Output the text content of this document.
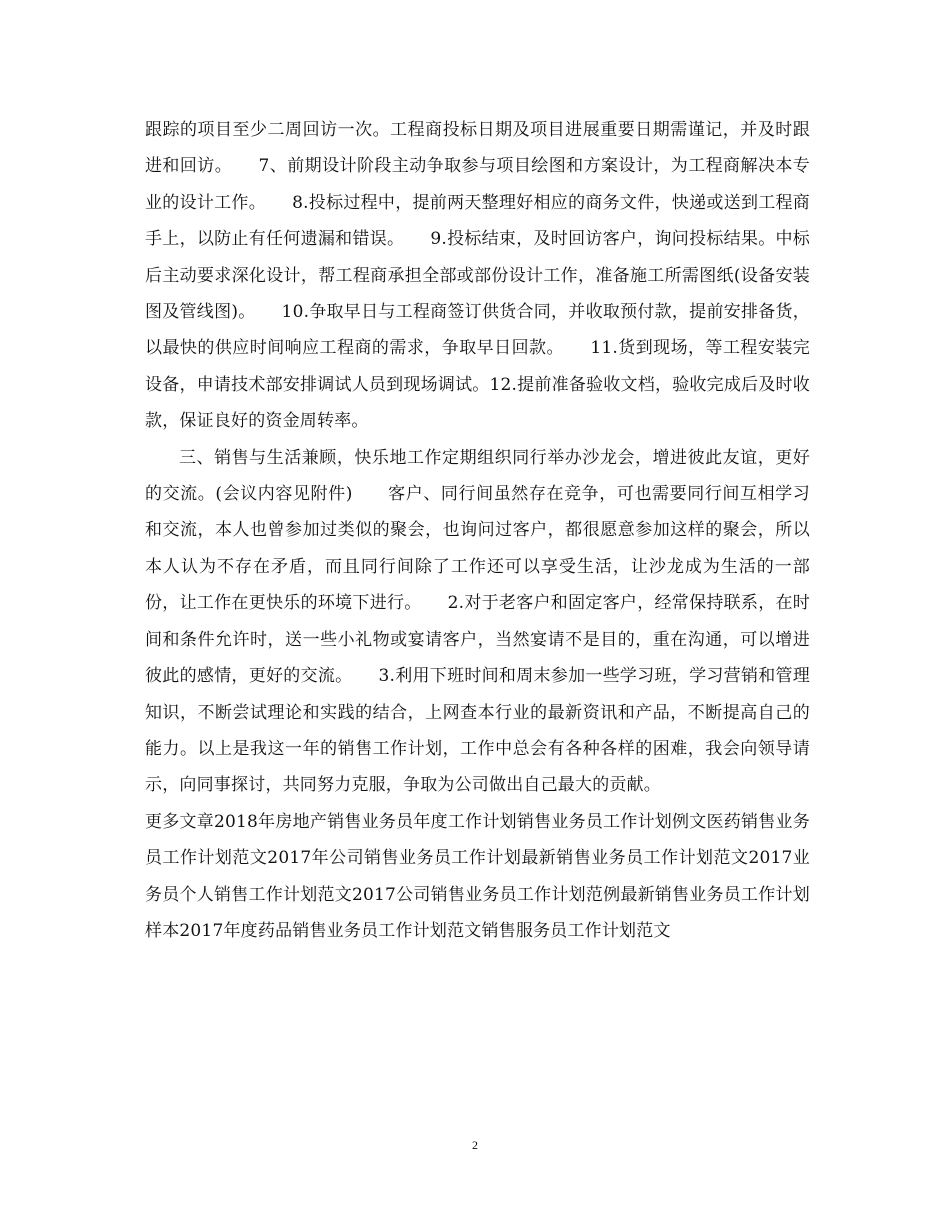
跟踪的项目至少二周回访一次。工程商投标日期及项目进展重要日期需谨记，并及时跟进和回访。　　7、前期设计阶段主动争取参与项目绘图和方案设计，为工程商解决本专业的设计工作。　　8.投标过程中，提前两天整理好相应的商务文件，快递或送到工程商手上，以防止有任何遗漏和错误。　　9.投标结束，及时回访客户，询问投标结果。中标后主动要求深化设计，帮工程商承担全部或部份设计工作，准备施工所需图纸(设备安装图及管线图)。　　10.争取早日与工程商签订供货合同，并收取预付款，提前安排备货，以最快的供应时间响应工程商的需求，争取早日回款。　　11.货到现场，等工程安装完设备，申请技术部安排调试人员到现场调试。12.提前准备验收文档，验收完成后及时收款，保证良好的资金周转率。

三、销售与生活兼顾，快乐地工作定期组织同行举办沙龙会，增进彼此友谊，更好的交流。(会议内容见附件)　　客户、同行间虽然存在竞争，可也需要同行间互相学习和交流，本人也曾参加过类似的聚会，也询问过客户，都很愿意参加这样的聚会，所以本人认为不存在矛盾，而且同行间除了工作还可以享受生活，让沙龙成为生活的一部份，让工作在更快乐的环境下进行。　　2.对于老客户和固定客户，经常保持联系，在时间和条件允许时，送一些小礼物或宴请客户，当然宴请不是目的，重在沟通，可以增进彼此的感情，更好的交流。　　3.利用下班时间和周末参加一些学习班，学习营销和管理知识，不断尝试理论和实践的结合，上网查本行业的最新资讯和产品，不断提高自己的能力。以上是我这一年的销售工作计划，工作中总会有各种各样的困难，我会向领导请示，向同事探讨，共同努力克服，争取为公司做出自己最大的贡献。

更多文章2018年房地产销售业务员年度工作计划销售业务员工作计划例文医药销售业务员工作计划范文2017年公司销售业务员工作计划最新销售业务员工作计划范文2017业务员个人销售工作计划范文2017公司销售业务员工作计划范例最新销售业务员工作计划样本2017年度药品销售业务员工作计划范文销售服务员工作计划范文

2
